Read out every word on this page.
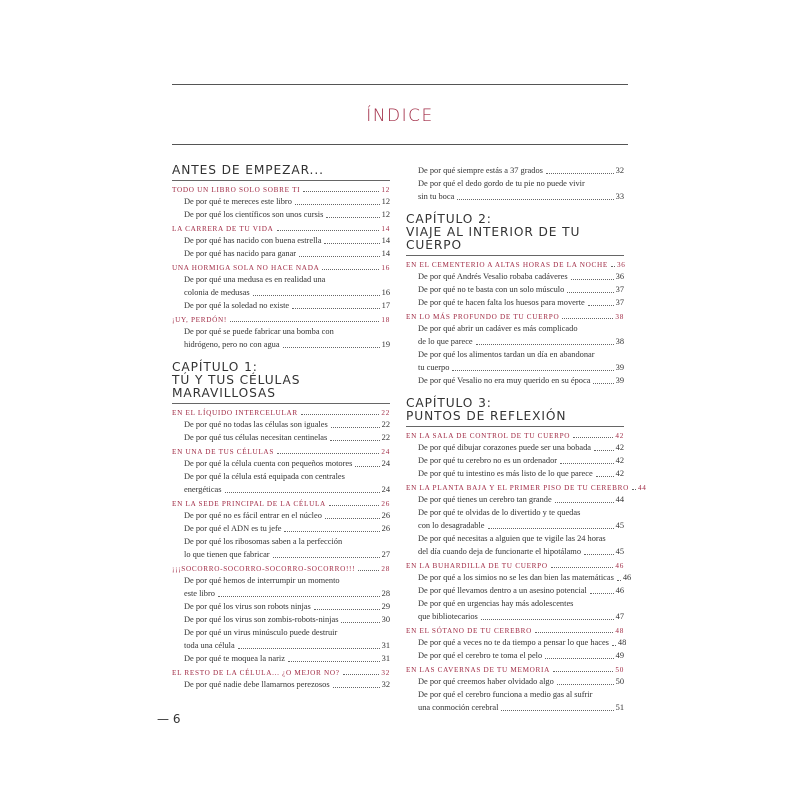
ÍNDICE
ANTES DE EMPEZAR...
TODO UN LIBRO SOLO SOBRE TI	12
De por qué te mereces este libro	12
De por qué los científicos son unos cursis	12
LA CARRERA DE TU VIDA	14
De por qué has nacido con buena estrella	14
De por qué has nacido para ganar	14
UNA HORMIGA SOLA NO HACE NADA	16
De por qué una medusa es en realidad una
colonia de medusas	16
De por qué la soledad no existe	17
¡UY, PERDÓN!	18
De por qué se puede fabricar una bomba con
hidrógeno, pero no con agua	19
CAPÍTULO 1:
TÚ Y TUS CÉLULAS MARAVILLOSAS
EN EL LÍQUIDO INTERCELULAR	22
De por qué no todas las células son iguales	22
De por qué tus células necesitan centinelas	22
EN UNA DE TUS CÉLULAS	24
De por qué la célula cuenta con pequeños motores	24
De por qué la célula está equipada con centrales
energéticas	24
EN LA SEDE PRINCIPAL DE LA CÉLULA	26
De por qué no es fácil entrar en el núcleo	26
De por qué el ADN es tu jefe	26
De por qué los ribosomas saben a la perfección
lo que tienen que fabricar	27
¡¡¡SOCORRO-SOCORRO-SOCORRO-SOCORRO!!!	28
De por qué hemos de interrumpir un momento
este libro	28
De por qué los virus son robots ninjas	29
De por qué los virus son zombis-robots-ninjas	30
De por qué un virus minúsculo puede destruir
toda una célula	31
De por qué te moquea la nariz	31
EL RESTO DE LA CÉLULA... ¿O MEJOR NO?	32
De por qué nadie debe llamarnos perezosos	32
De por qué siempre estás a 37 grados	32
De por qué el dedo gordo de tu pie no puede vivir
sin tu boca	33
CAPÍTULO 2:
VIAJE AL INTERIOR DE TU CUERPO
EN EL CEMENTERIO A ALTAS HORAS DE LA NOCHE 36
De por qué Andrés Vesalio robaba cadáveres	36
De por qué no te basta con un solo músculo	37
De por qué te hacen falta los huesos para moverte	37
EN LO MÁS PROFUNDO DE TU CUERPO	38
De por qué abrir un cadáver es más complicado
de lo que parece	38
De por qué los alimentos tardan un día en abandonar
tu cuerpo	39
De por qué Vesalio no era muy querido en su época	39
CAPÍTULO 3:
PUNTOS DE REFLEXIÓN
EN LA SALA DE CONTROL DE TU CUERPO	42
De por qué dibujar corazones puede ser una bobada	42
De por qué tu cerebro no es un ordenador	42
De por qué tu intestino es más listo de lo que parece	42
EN LA PLANTA BAJA Y EL PRIMER PISO DE TU CEREBRO 44
De por qué tienes un cerebro tan grande	44
De por qué te olvidas de lo divertido y te quedas
con lo desagradable	45
De por qué necesitas a alguien que te vigile las 24 horas
del día cuando deja de funcionarte el hipotálamo	45
EN LA BUHARDILLA DE TU CUERPO	46
De por qué a los simios no se les dan bien las matemáticas 46
De por qué llevamos dentro a un asesino potencial	46
De por qué en urgencias hay más adolescentes
que bibliotecarios	47
EN EL SÓTANO DE TU CEREBRO	48
De por qué a veces no te da tiempo a pensar lo que haces 48
De por qué el cerebro te toma el pelo	49
EN LAS CAVERNAS DE TU MEMORIA	50
De por qué creemos haber olvidado algo	50
De por qué el cerebro funciona a medio gas al sufrir
una conmoción cerebral	51
— 6
